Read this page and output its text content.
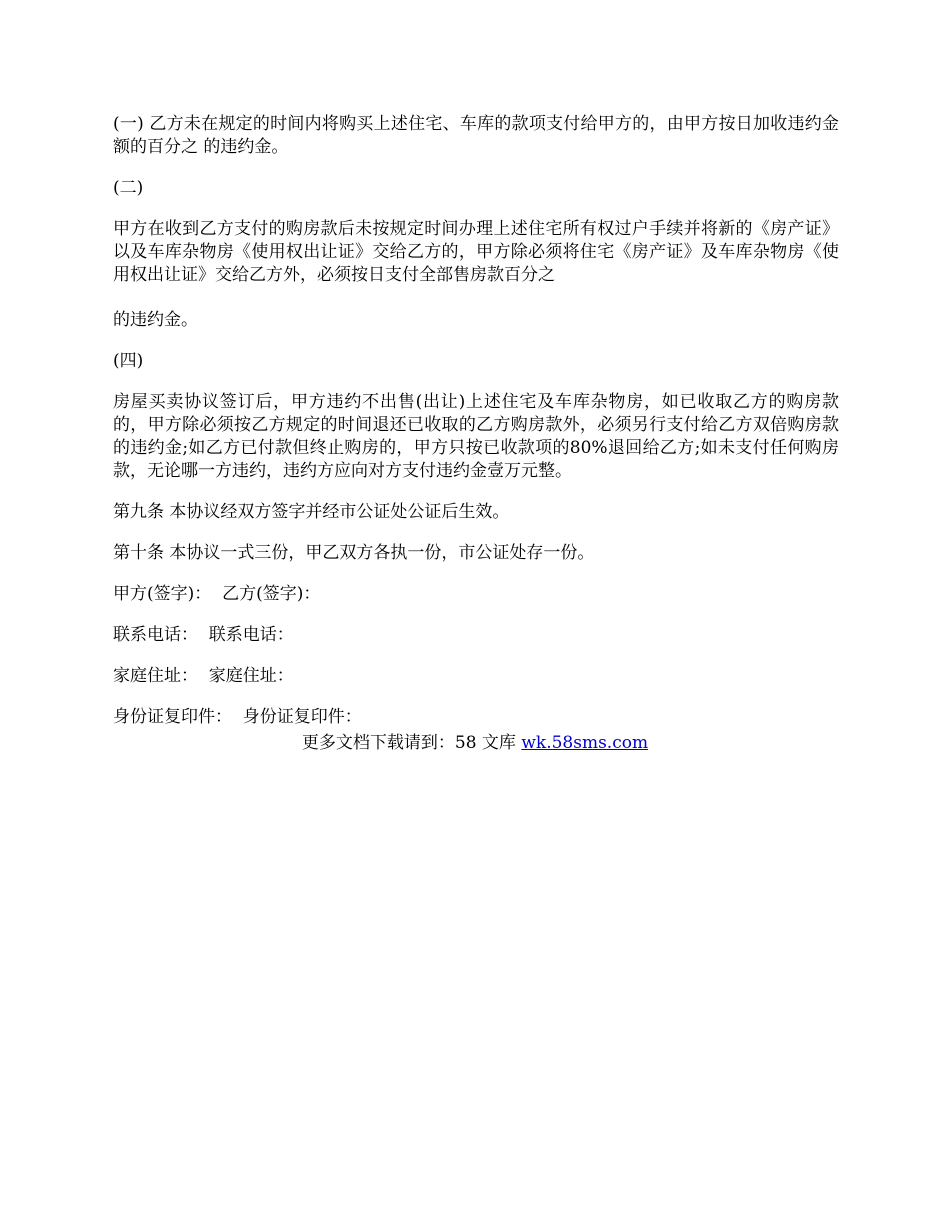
(一) 乙方未在规定的时间内将购买上述住宅、车库的款项支付给甲方的，由甲方按日加收违约金额的百分之 的违约金。

(二)

甲方在收到乙方支付的购房款后未按规定时间办理上述住宅所有权过户手续并将新的《房产证》以及车库杂物房《使用权出让证》交给乙方的，甲方除必须将住宅《房产证》及车库杂物房《使用权出让证》交给乙方外，必须按日支付全部售房款百分之

的违约金。

(四)

房屋买卖协议签订后，甲方违约不出售(出让)上述住宅及车库杂物房，如已收取乙方的购房款的，甲方除必须按乙方规定的时间退还已收取的乙方购房款外，必须另行支付给乙方双倍购房款的违约金;如乙方已付款但终止购房的，甲方只按已收款项的80%退回给乙方;如未支付任何购房款，无论哪一方违约，违约方应向对方支付违约金壹万元整。

第九条 本协议经双方签字并经市公证处公证后生效。

第十条 本协议一式三份，甲乙双方各执一份，市公证处存一份。

甲方(签字)：  乙方(签字)：

联系电话：  联系电话：

家庭住址：  家庭住址：

身份证复印件：  身份证复印件：

更多文档下载请到：58 文库 wk.58sms.com
